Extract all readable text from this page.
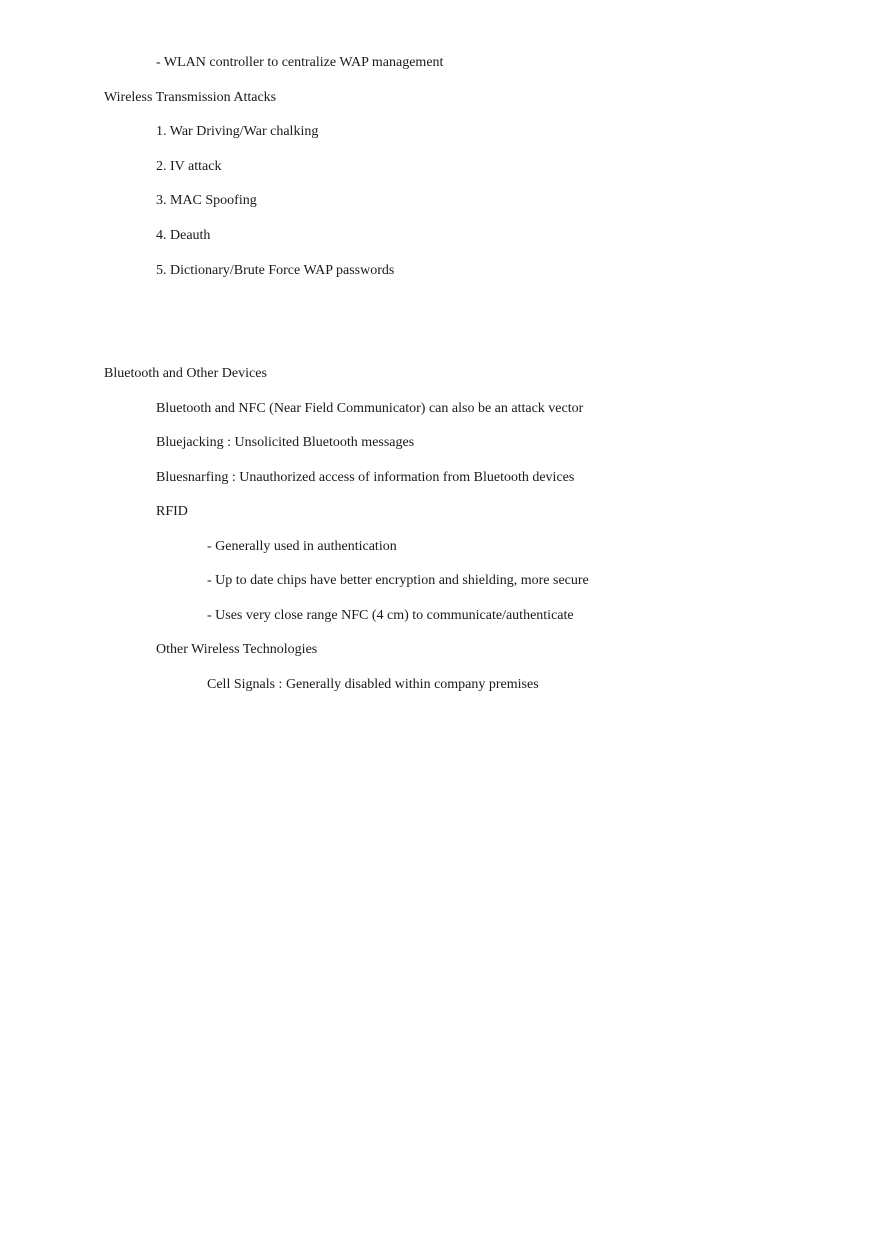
- WLAN controller to centralize WAP management
Wireless Transmission Attacks
1. War Driving/War chalking
2. IV attack
3. MAC Spoofing
4. Deauth
5. Dictionary/Brute Force WAP passwords
Bluetooth and Other Devices
Bluetooth and NFC (Near Field Communicator) can also be an attack vector
Bluejacking : Unsolicited Bluetooth messages
Bluesnarfing : Unauthorized access of information from Bluetooth devices
RFID
- Generally used in authentication
- Up to date chips have better encryption and shielding, more secure
- Uses very close range NFC (4 cm) to communicate/authenticate
Other Wireless Technologies
Cell Signals : Generally disabled within company premises
